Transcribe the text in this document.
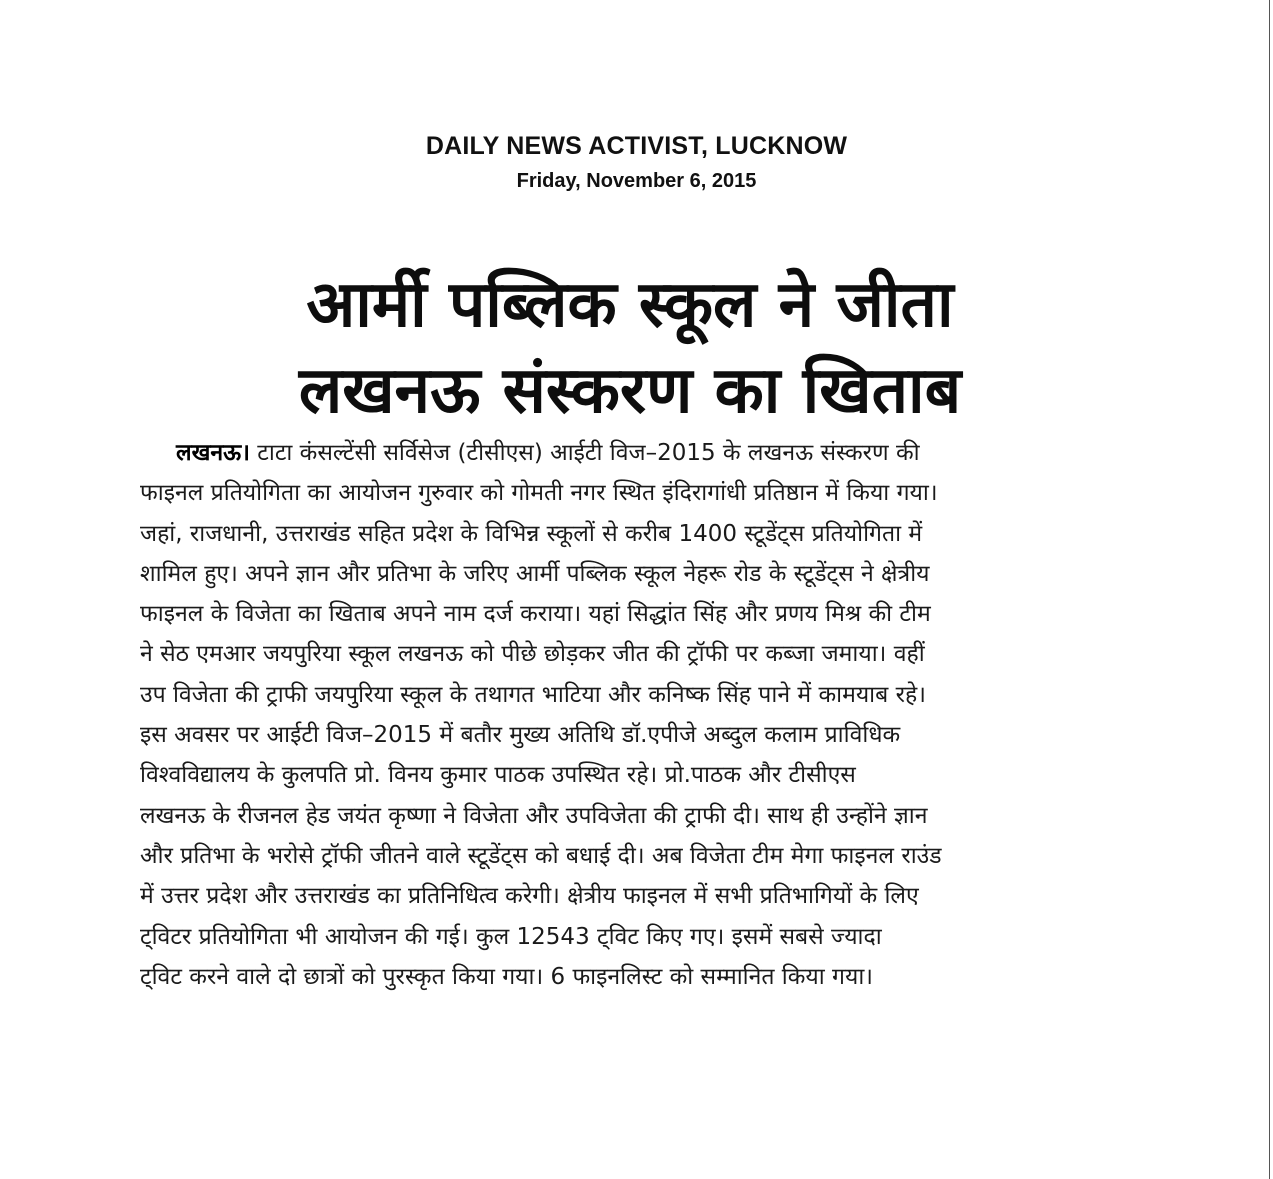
DAILY NEWS ACTIVIST, LUCKNOW
Friday, November 6, 2015
आर्मी पब्लिक स्कूल ने जीता
लखनऊ संस्करण का खिताब
लखनऊ। टाटा कंसल्टेंसी सर्विसेज (टीसीएस) आईटी विज–2015 के लखनऊ संस्करण की
फाइनल प्रतियोगिता का आयोजन गुरुवार को गोमती नगर स्थित इंदिरागांधी प्रतिष्ठान में किया गया।
जहां, राजधानी, उत्तराखंड सहित प्रदेश के विभिन्न स्कूलों से करीब 1400 स्टूडेंट्स प्रतियोगिता में
शामिल हुए। अपने ज्ञान और प्रतिभा के जरिए आर्मी पब्लिक स्कूल नेहरू रोड के स्टूडेंट्स ने क्षेत्रीय
फाइनल के विजेता का खिताब अपने नाम दर्ज कराया। यहां सिद्धांत सिंह और प्रणय मिश्र की टीम
ने सेठ एमआर जयपुरिया स्कूल लखनऊ को पीछे छोड़कर जीत की ट्रॉफी पर कब्जा जमाया। वहीं
उप विजेता की ट्राफी जयपुरिया स्कूल के तथागत भाटिया और कनिष्क सिंह पाने में कामयाब रहे।
इस अवसर पर आईटी विज–2015 में बतौर मुख्य अतिथि डॉ.एपीजे अब्दुल कलाम प्राविधिक
विश्वविद्यालय के कुलपति प्रो. विनय कुमार पाठक उपस्थित रहे। प्रो.पाठक और टीसीएस
लखनऊ के रीजनल हेड जयंत कृष्णा ने विजेता और उपविजेता की ट्राफी दी। साथ ही उन्होंने ज्ञान
और प्रतिभा के भरोसे ट्रॉफी जीतने वाले स्टूडेंट्स को बधाई दी। अब विजेता टीम मेगा फाइनल राउंड
में उत्तर प्रदेश और उत्तराखंड का प्रतिनिधित्व करेगी। क्षेत्रीय फाइनल में सभी प्रतिभागियों के लिए
ट्विटर प्रतियोगिता भी आयोजन की गई। कुल 12543 ट्विट किए गए। इसमें सबसे ज्यादा
ट्विट करने वाले दो छात्रों को पुरस्कृत किया गया। 6 फाइनलिस्ट को सम्मानित किया गया।
